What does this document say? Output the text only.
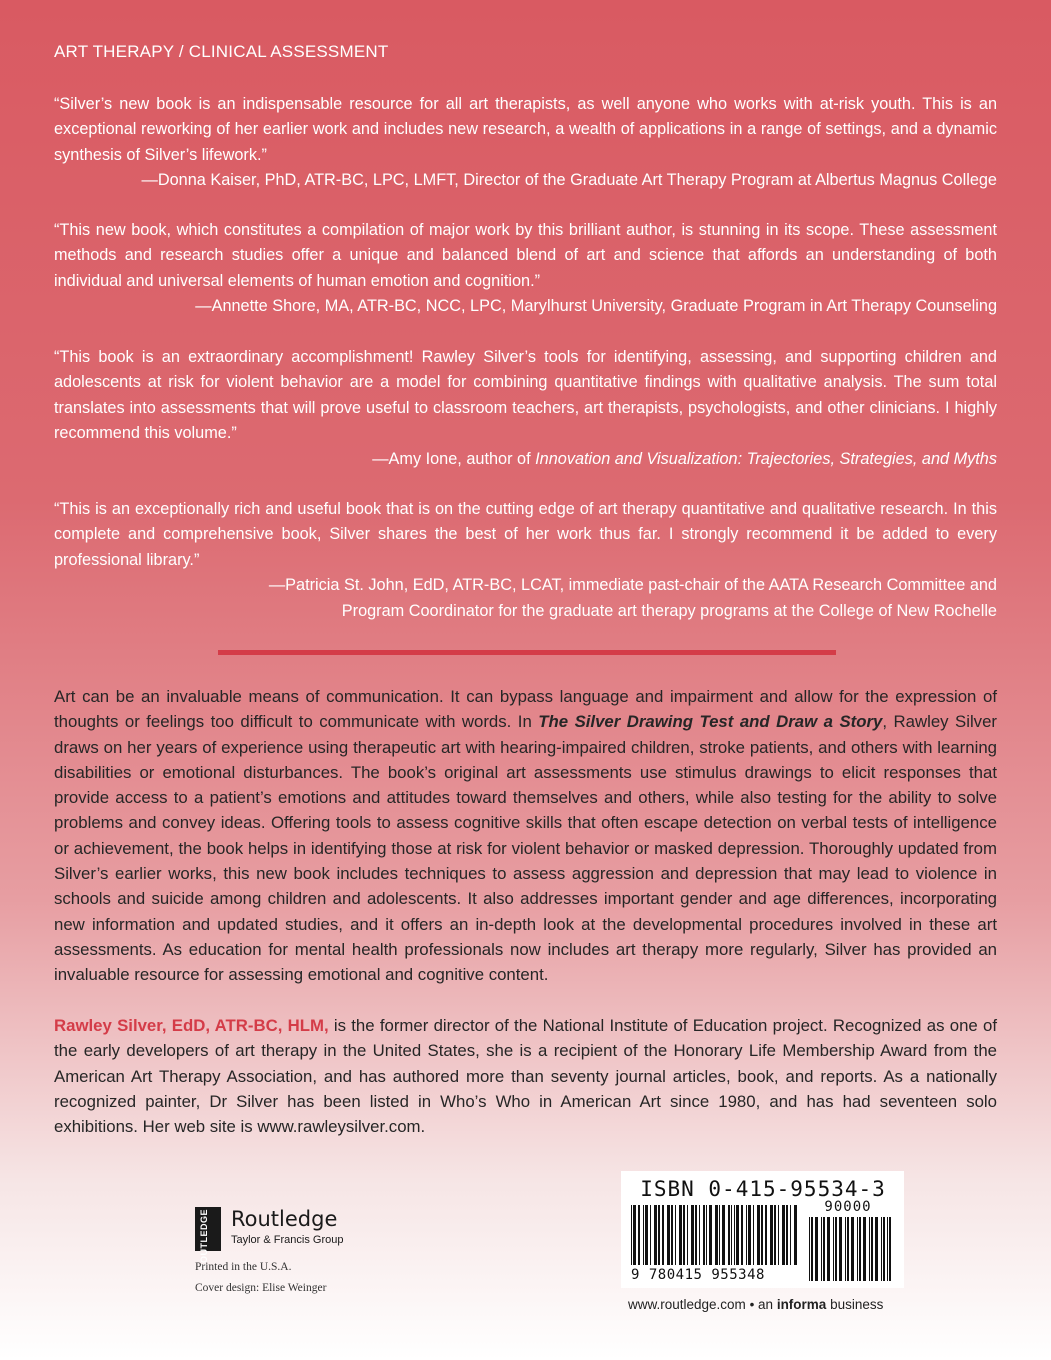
ART THERAPY / CLINICAL ASSESSMENT
“Silver’s new book is an indispensable resource for all art therapists, as well anyone who works with at-risk youth. This is an exceptional reworking of her earlier work and includes new research, a wealth of applications in a range of settings, and a dynamic synthesis of Silver’s lifework.”
—Donna Kaiser, PhD, ATR-BC, LPC, LMFT, Director of the Graduate Art Therapy Program at Albertus Magnus College
“This new book, which constitutes a compilation of major work by this brilliant author, is stunning in its scope. These assessment methods and research studies offer a unique and balanced blend of art and science that affords an understanding of both individual and universal elements of human emotion and cognition.”
—Annette Shore, MA, ATR-BC, NCC, LPC, Marylhurst University, Graduate Program in Art Therapy Counseling
“This book is an extraordinary accomplishment! Rawley Silver’s tools for identifying, assessing, and supporting children and adolescents at risk for violent behavior are a model for combining quantitative findings with qualitative analysis. The sum total translates into assessments that will prove useful to classroom teachers, art therapists, psychologists, and other clinicians. I highly recommend this volume.”
—Amy Ione, author of Innovation and Visualization: Trajectories, Strategies, and Myths
“This is an exceptionally rich and useful book that is on the cutting edge of art therapy quantitative and qualitative research. In this complete and comprehensive book, Silver shares the best of her work thus far. I strongly recommend it be added to every professional library.”
—Patricia St. John, EdD, ATR-BC, LCAT, immediate past-chair of the AATA Research Committee and
Program Coordinator for the graduate art therapy programs at the College of New Rochelle
Art can be an invaluable means of communication. It can bypass language and impairment and allow for the expression of thoughts or feelings too difficult to communicate with words. In The Silver Drawing Test and Draw a Story, Rawley Silver draws on her years of experience using therapeutic art with hearing-impaired children, stroke patients, and others with learning disabilities or emotional disturbances. The book’s original art assessments use stimulus drawings to elicit responses that provide access to a patient’s emotions and attitudes toward themselves and others, while also testing for the ability to solve problems and convey ideas. Offering tools to assess cognitive skills that often escape detection on verbal tests of intelligence or achievement, the book helps in identifying those at risk for violent behavior or masked depression. Thoroughly updated from Silver’s earlier works, this new book includes techniques to assess aggression and depression that may lead to violence in schools and suicide among children and adolescents. It also addresses important gender and age differences, incorporating new information and updated studies, and it offers an in-depth look at the developmental procedures involved in these art assessments. As education for mental health professionals now includes art therapy more regularly, Silver has provided an invaluable resource for assessing emotional and cognitive content.
Rawley Silver, EdD, ATR-BC, HLM, is the former director of the National Institute of Education project. Recognized as one of the early developers of art therapy in the United States, she is a recipient of the Honorary Life Membership Award from the American Art Therapy Association, and has authored more than seventy journal articles, book, and reports. As a nationally recognized painter, Dr Silver has been listed in Who’s Who in American Art since 1980, and has had seventeen solo exhibitions. Her web site is www.rawleysilver.com.
ROUTLEDGE Routledge
Taylor & Francis Group
Printed in the U.S.A.
Cover design: Elise Weinger
ISBN 0-415-95534-3
90000
9 780415 955348
www.routledge.com • an informa business
